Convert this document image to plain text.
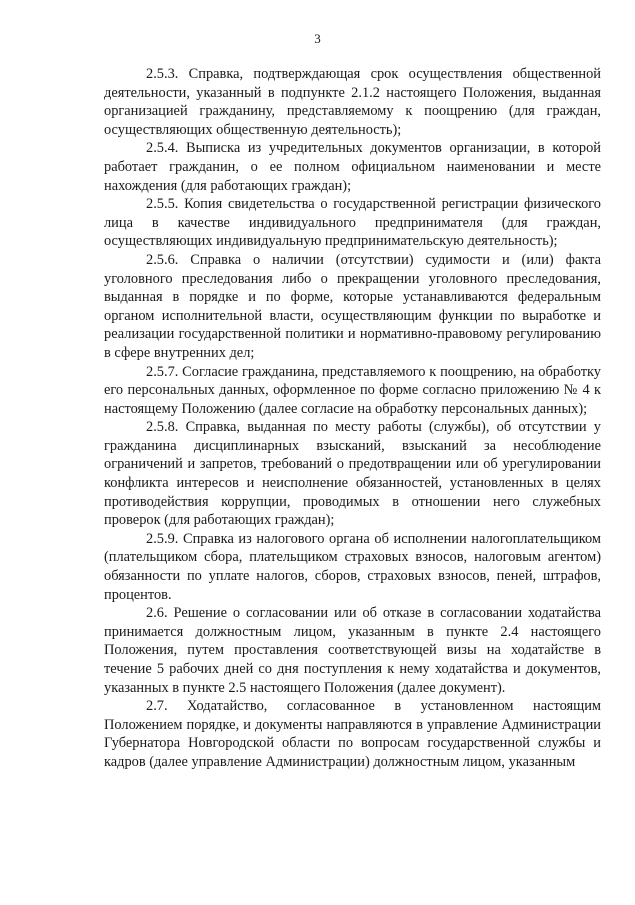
3

2.5.3. Справка, подтверждающая срок осуществления общественной деятельности, указанный в подпункте 2.1.2 настоящего Положения, выданная организацией гражданину, представляемому к поощрению (для граждан, осуществляющих общественную деятельность);

2.5.4. Выписка из учредительных документов организации, в которой работает гражданин, о ее полном официальном наименовании и месте нахождения (для работающих граждан);

2.5.5. Копия свидетельства о государственной регистрации физического лица в качестве индивидуального предпринимателя (для граждан, осуществляющих индивидуальную предпринимательскую деятельность);

2.5.6. Справка о наличии (отсутствии) судимости и (или) факта уголовного преследования либо о прекращении уголовного преследования, выданная в порядке и по форме, которые устанавливаются федеральным органом исполнительной власти, осуществляющим функции по выработке и реализации государственной политики и нормативно-правовому регулированию в сфере внутренних дел;

2.5.7. Согласие гражданина, представляемого к поощрению, на обработку его персональных данных, оформленное по форме согласно приложению № 4 к настоящему Положению (далее согласие на обработку персональных данных);

2.5.8. Справка, выданная по месту работы (службы), об отсутствии у гражданина дисциплинарных взысканий, взысканий за несоблюдение ограничений и запретов, требований о предотвращении или об урегулировании конфликта интересов и неисполнение обязанностей, установленных в целях противодействия коррупции, проводимых в отношении него служебных проверок (для работающих граждан);

2.5.9. Справка из налогового органа об исполнении налогоплательщиком (плательщиком сбора, плательщиком страховых взносов, налоговым агентом) обязанности по уплате налогов, сборов, страховых взносов, пеней, штрафов, процентов.

2.6. Решение о согласовании или об отказе в согласовании ходатайства принимается должностным лицом, указанным в пункте 2.4 настоящего Положения, путем проставления соответствующей визы на ходатайстве в течение 5 рабочих дней со дня поступления к нему ходатайства и документов, указанных в пункте 2.5 настоящего Положения (далее документ).

2.7. Ходатайство, согласованное в установленном настоящим Положением порядке, и документы направляются в управление Администрации Губернатора Новгородской области по вопросам государственной службы и кадров (далее управление Администрации) должностным лицом, указанным
